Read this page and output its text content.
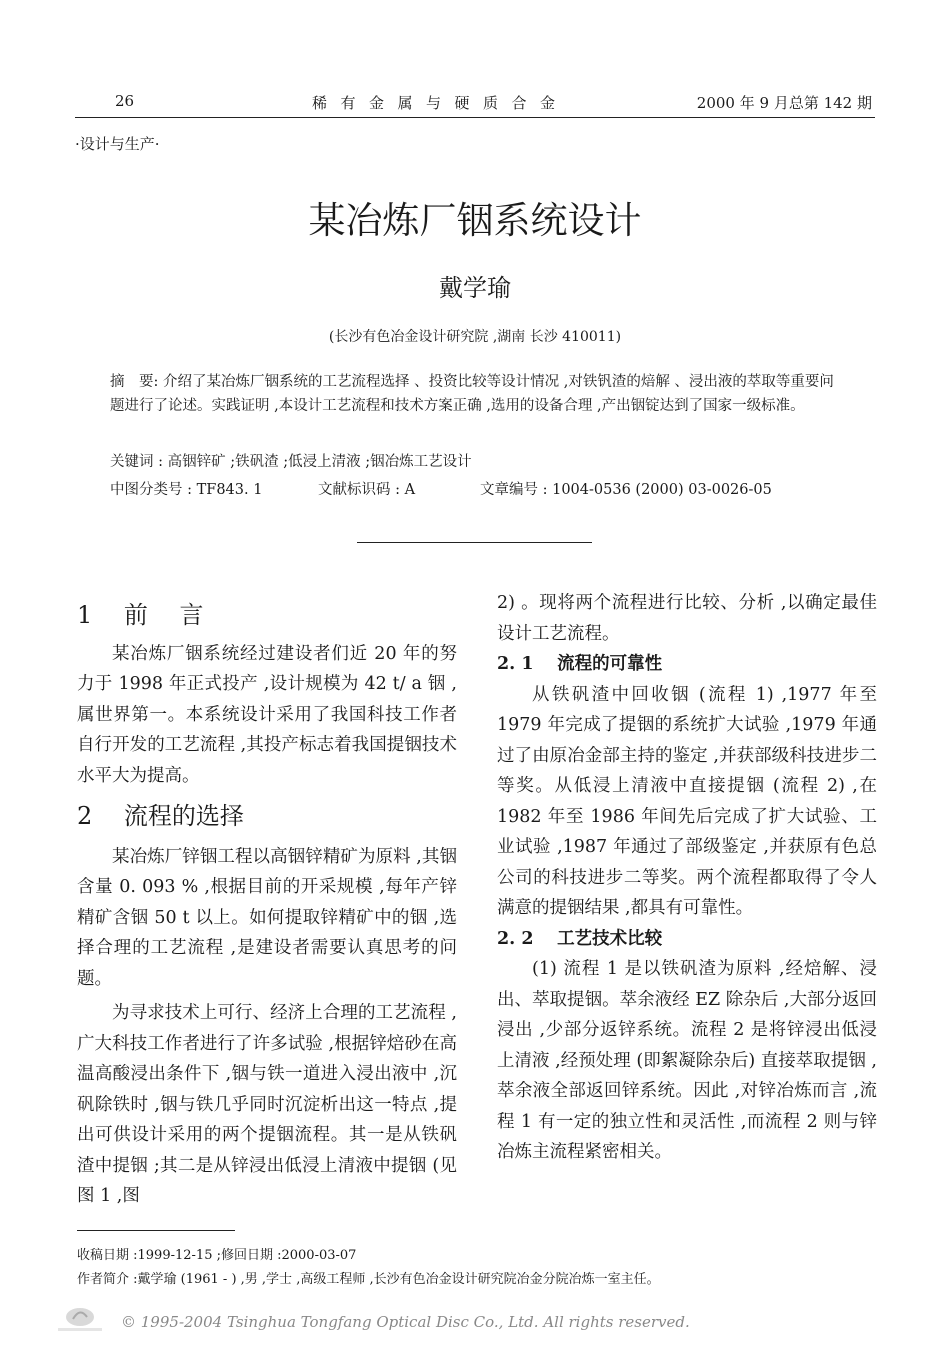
26	稀有金属与硬质合金	2000 年 9 月总第 142 期
·设计与生产·
某冶炼厂铟系统设计
戴学瑜
(长沙有色冶金设计研究院 ,湖南 长沙 410011)
摘　要: 介绍了某冶炼厂铟系统的工艺流程选择 、投资比较等设计情况 ,对铁钒渣的焙解 、浸出液的萃取等重要问题进行了论述。实践证明 ,本设计工艺流程和技术方案正确 ,选用的设备合理 ,产出铟锭达到了国家一级标准。
关键词 : 高铟锌矿 ;铁矾渣 ;低浸上清液 ;铟冶炼工艺设计
中图分类号 : TF843. 1	文献标识码 : A	文章编号 : 1004-0536 (2000) 03-0026-05

1　 前　 言

某冶炼厂铟系统经过建设者们近 20 年的努力于 1998 年正式投产 ,设计规模为 42 t/ a 铟 ,属世界第一。本系统设计采用了我国科技工作者自行开发的工艺流程 ,其投产标志着我国提铟技术水平大为提高。

2　 流程的选择

某冶炼厂锌铟工程以高铟锌精矿为原料 ,其铟含量 0. 093 % ,根据目前的开采规模 ,每年产锌精矿含铟 50 t 以上。如何提取锌精矿中的铟 ,选择合理的工艺流程 ,是建设者需要认真思考的问题。

为寻求技术上可行、经济上合理的工艺流程 ,广大科技工作者进行了许多试验 ,根据锌焙砂在高温高酸浸出条件下 ,铟与铁一道进入浸出液中 ,沉矾除铁时 ,铟与铁几乎同时沉淀析出这一特点 ,提出可供设计采用的两个提铟流程。其一是从铁矾渣中提铟 ;其二是从锌浸出低浸上清液中提铟 (见图 1 ,图

2) 。现将两个流程进行比较、分析 ,以确定最佳设计工艺流程。

2. 1　 流程的可靠性

从铁矾渣中回收铟 (流程 1) ,1977 年至 1979 年完成了提铟的系统扩大试验 ,1979 年通过了由原冶金部主持的鉴定 ,并获部级科技进步二等奖。从低浸上清液中直接提铟 (流程 2) ,在 1982 年至 1986 年间先后完成了扩大试验、工业试验 ,1987 年通过了部级鉴定 ,并获原有色总公司的科技进步二等奖。两个流程都取得了令人满意的提铟结果 ,都具有可靠性。

2. 2　 工艺技术比较

(1) 流程 1 是以铁矾渣为原料 ,经焙解、浸出、萃取提铟。萃余液经 EZ 除杂后 ,大部分返回浸出 ,少部分返锌系统。流程 2 是将锌浸出低浸上清液 ,经预处理 (即絮凝除杂后) 直接萃取提铟 ,萃余液全部返回锌系统。因此 ,对锌冶炼而言 ,流程 1 有一定的独立性和灵活性 ,而流程 2 则与锌冶炼主流程紧密相关。

收稿日期 :1999-12-15 ;修回日期 :2000-03-07
作者简介 :戴学瑜 (1961 - ) ,男 ,学士 ,高级工程师 ,长沙有色冶金设计研究院冶金分院冶炼一室主任。
© 1995-2004 Tsinghua Tongfang Optical Disc Co., Ltd. All rights reserved.
